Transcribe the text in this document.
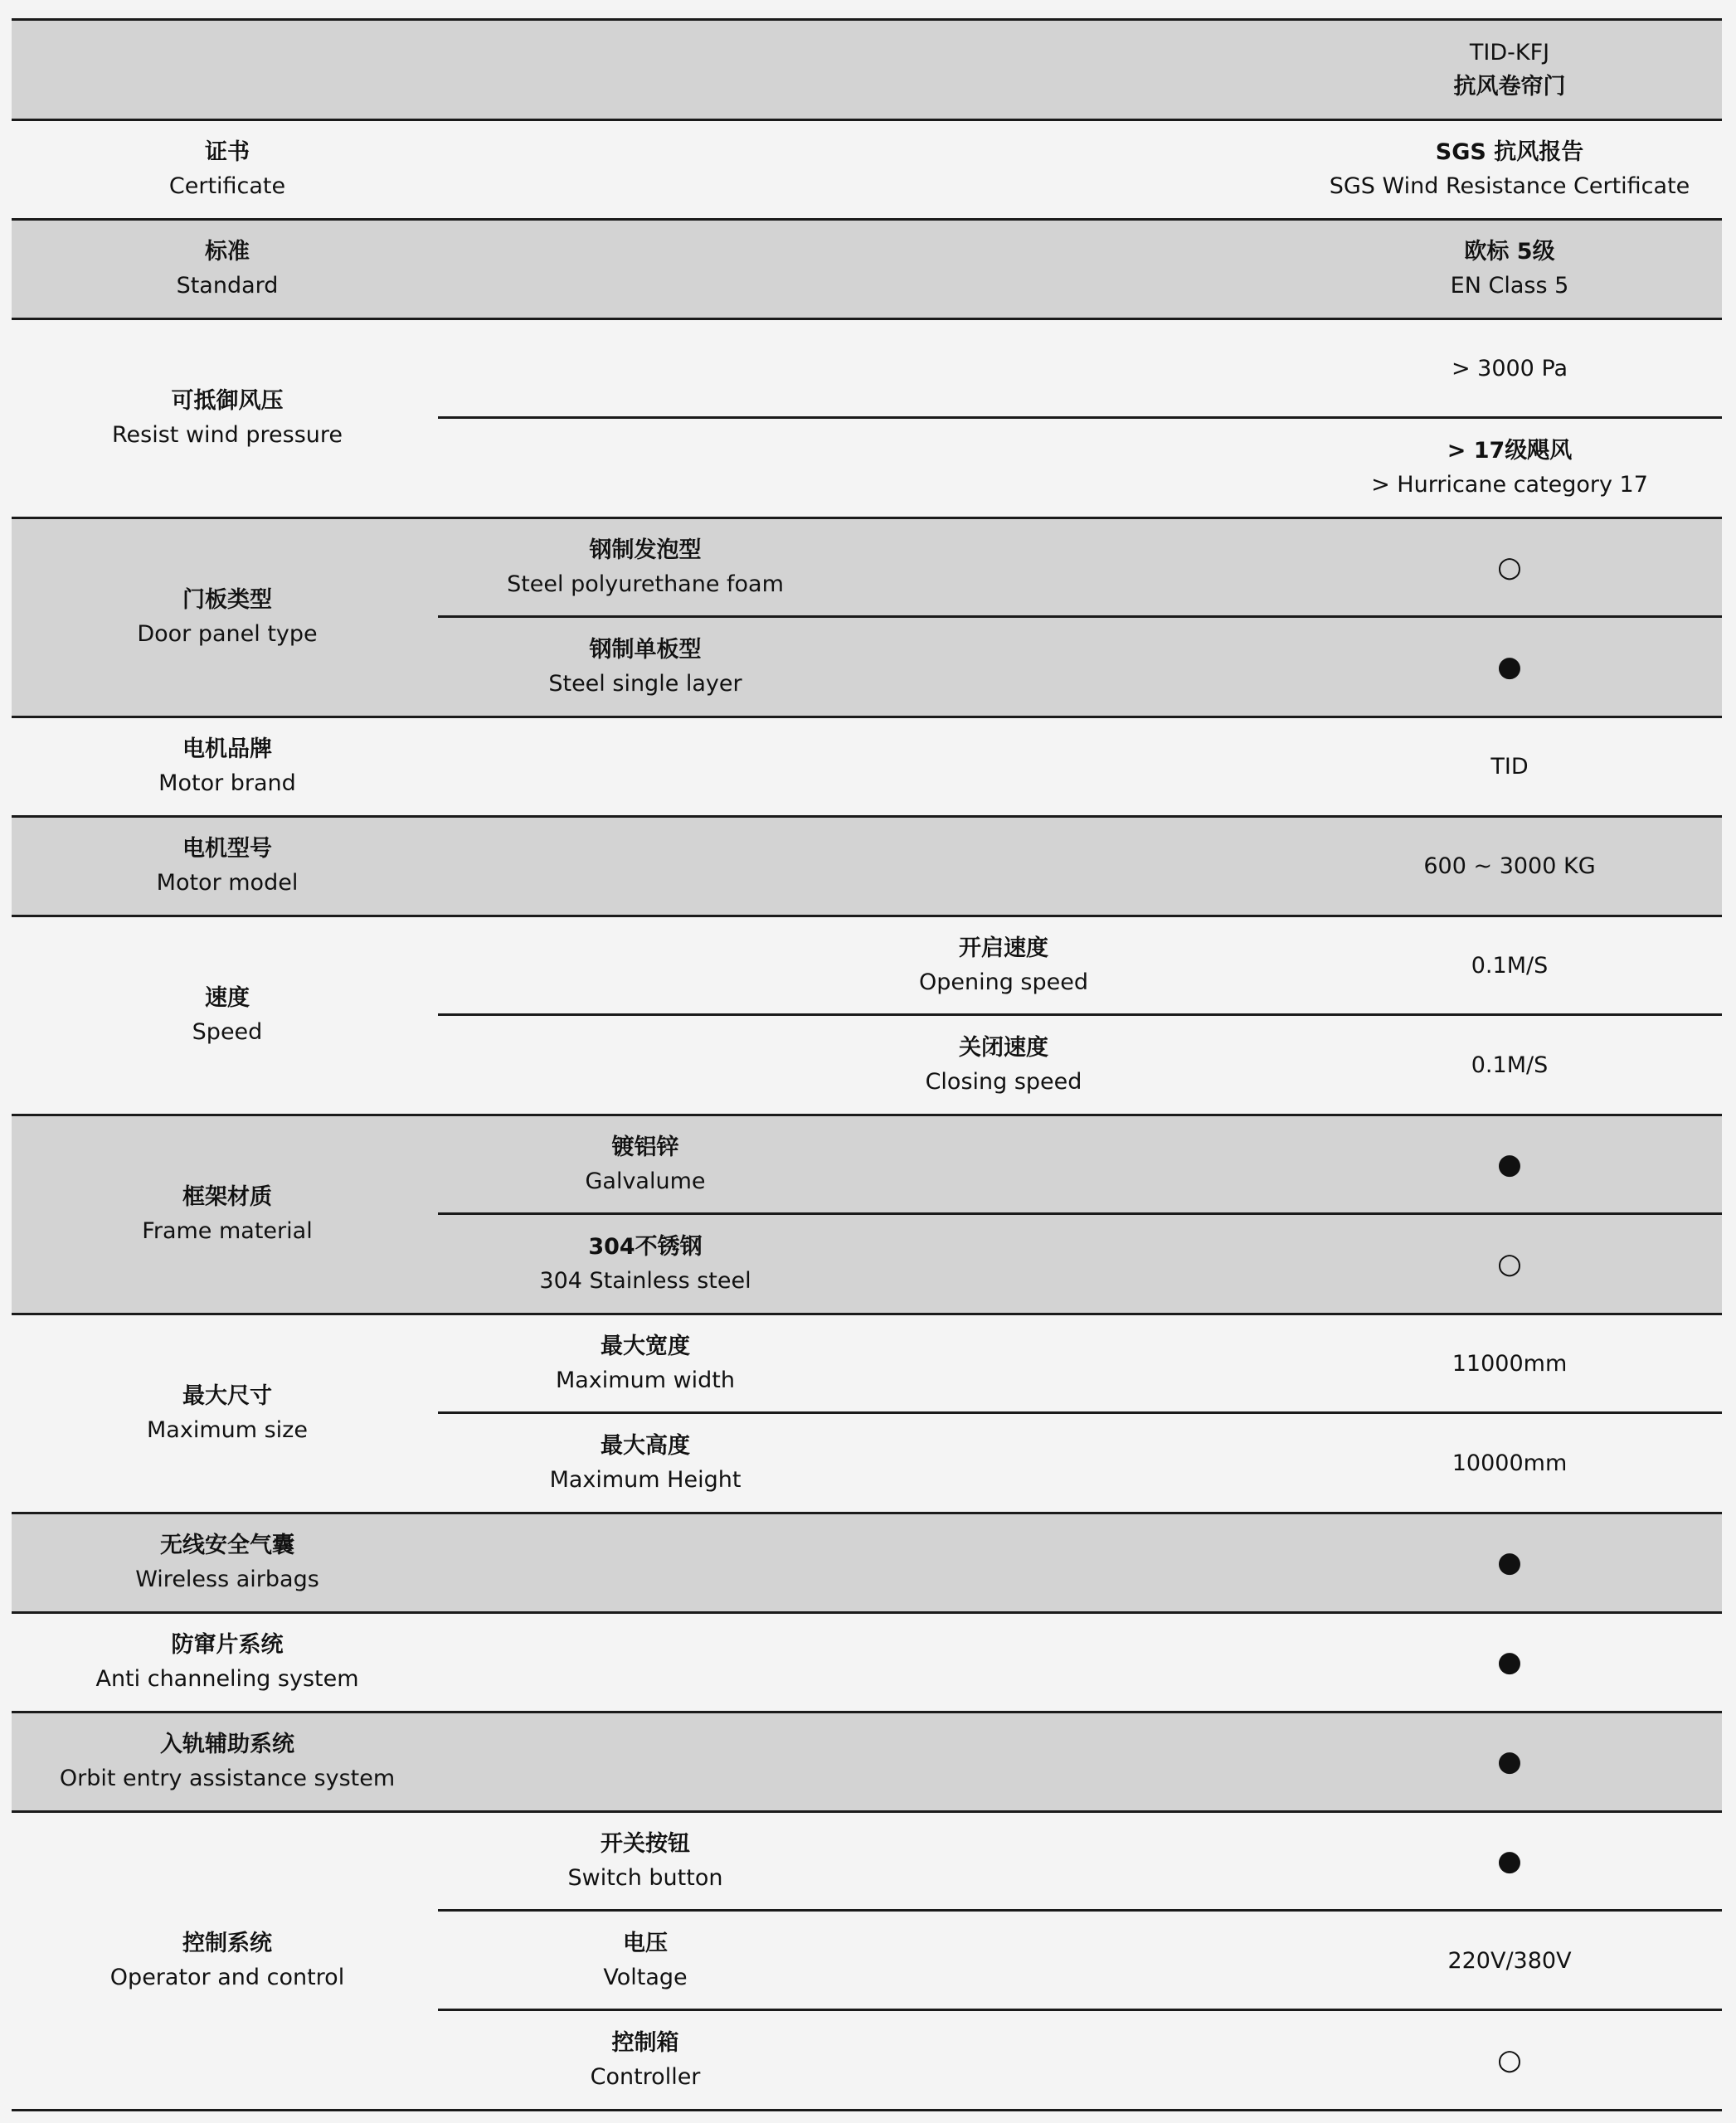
TID-KFJ
抗风卷帘门
证书
Certificate
SGS 抗风报告
SGS Wind Resistance Certificate
标准
Standard
欧标 5级
EN Class 5
可抵御风压
Resist wind pressure
> 3000 Pa
> 17级飓风
> Hurricane category 17
门板类型
Door panel type
钢制发泡型
Steel polyurethane foam
○
钢制单板型
Steel single layer
●
电机品牌
Motor brand
TID
电机型号
Motor model
600 ~ 3000 KG
速度
Speed
开启速度
Opening speed
0.1M/S
关闭速度
Closing speed
0.1M/S
框架材质
Frame material
镀铝锌
Galvalume
●
304不锈钢
304 Stainless steel
○
最大尺寸
Maximum size
最大宽度
Maximum width
11000mm
最大高度
Maximum Height
10000mm
无线安全气囊
Wireless airbags
●
防窜片系统
Anti channeling system
●
入轨辅助系统
Orbit entry assistance system
●
控制系统
Operator and control
开关按钮
Switch button
●
电压
Voltage
220V/380V
控制箱
Controller
○
